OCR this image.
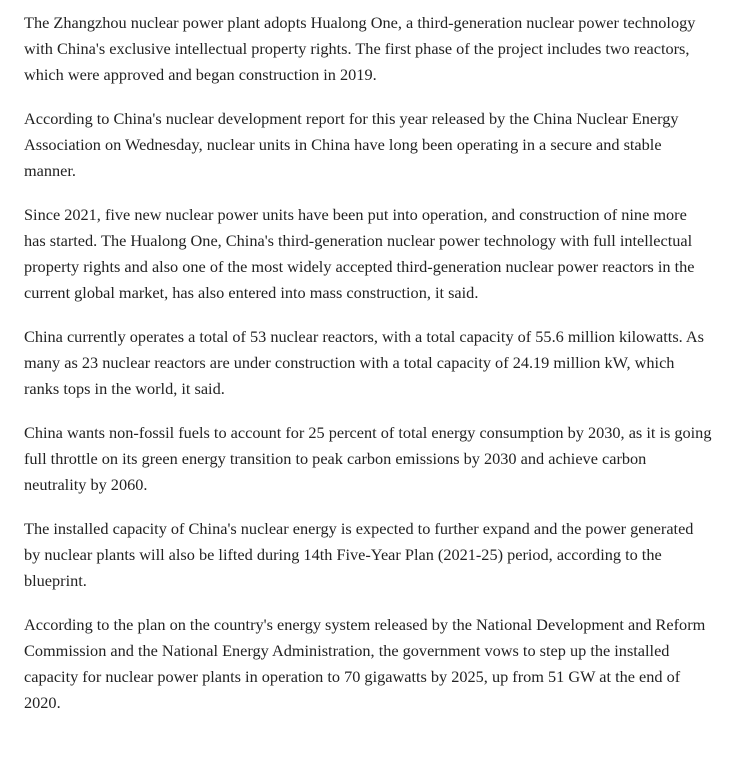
The Zhangzhou nuclear power plant adopts Hualong One, a third-generation nuclear power technology with China's exclusive intellectual property rights. The first phase of the project includes two reactors, which were approved and began construction in 2019.

According to China's nuclear development report for this year released by the China Nuclear Energy Association on Wednesday, nuclear units in China have long been operating in a secure and stable manner.

Since 2021, five new nuclear power units have been put into operation, and construction of nine more has started. The Hualong One, China's third-generation nuclear power technology with full intellectual property rights and also one of the most widely accepted third-generation nuclear power reactors in the current global market, has also entered into mass construction, it said.

China currently operates a total of 53 nuclear reactors, with a total capacity of 55.6 million kilowatts. As many as 23 nuclear reactors are under construction with a total capacity of 24.19 million kW, which ranks tops in the world, it said.

China wants non-fossil fuels to account for 25 percent of total energy consumption by 2030, as it is going full throttle on its green energy transition to peak carbon emissions by 2030 and achieve carbon neutrality by 2060.

The installed capacity of China's nuclear energy is expected to further expand and the power generated by nuclear plants will also be lifted during 14th Five-Year Plan (2021-25) period, according to the blueprint.

According to the plan on the country's energy system released by the National Development and Reform Commission and the National Energy Administration, the government vows to step up the installed capacity for nuclear power plants in operation to 70 gigawatts by 2025, up from 51 GW at the end of 2020.
